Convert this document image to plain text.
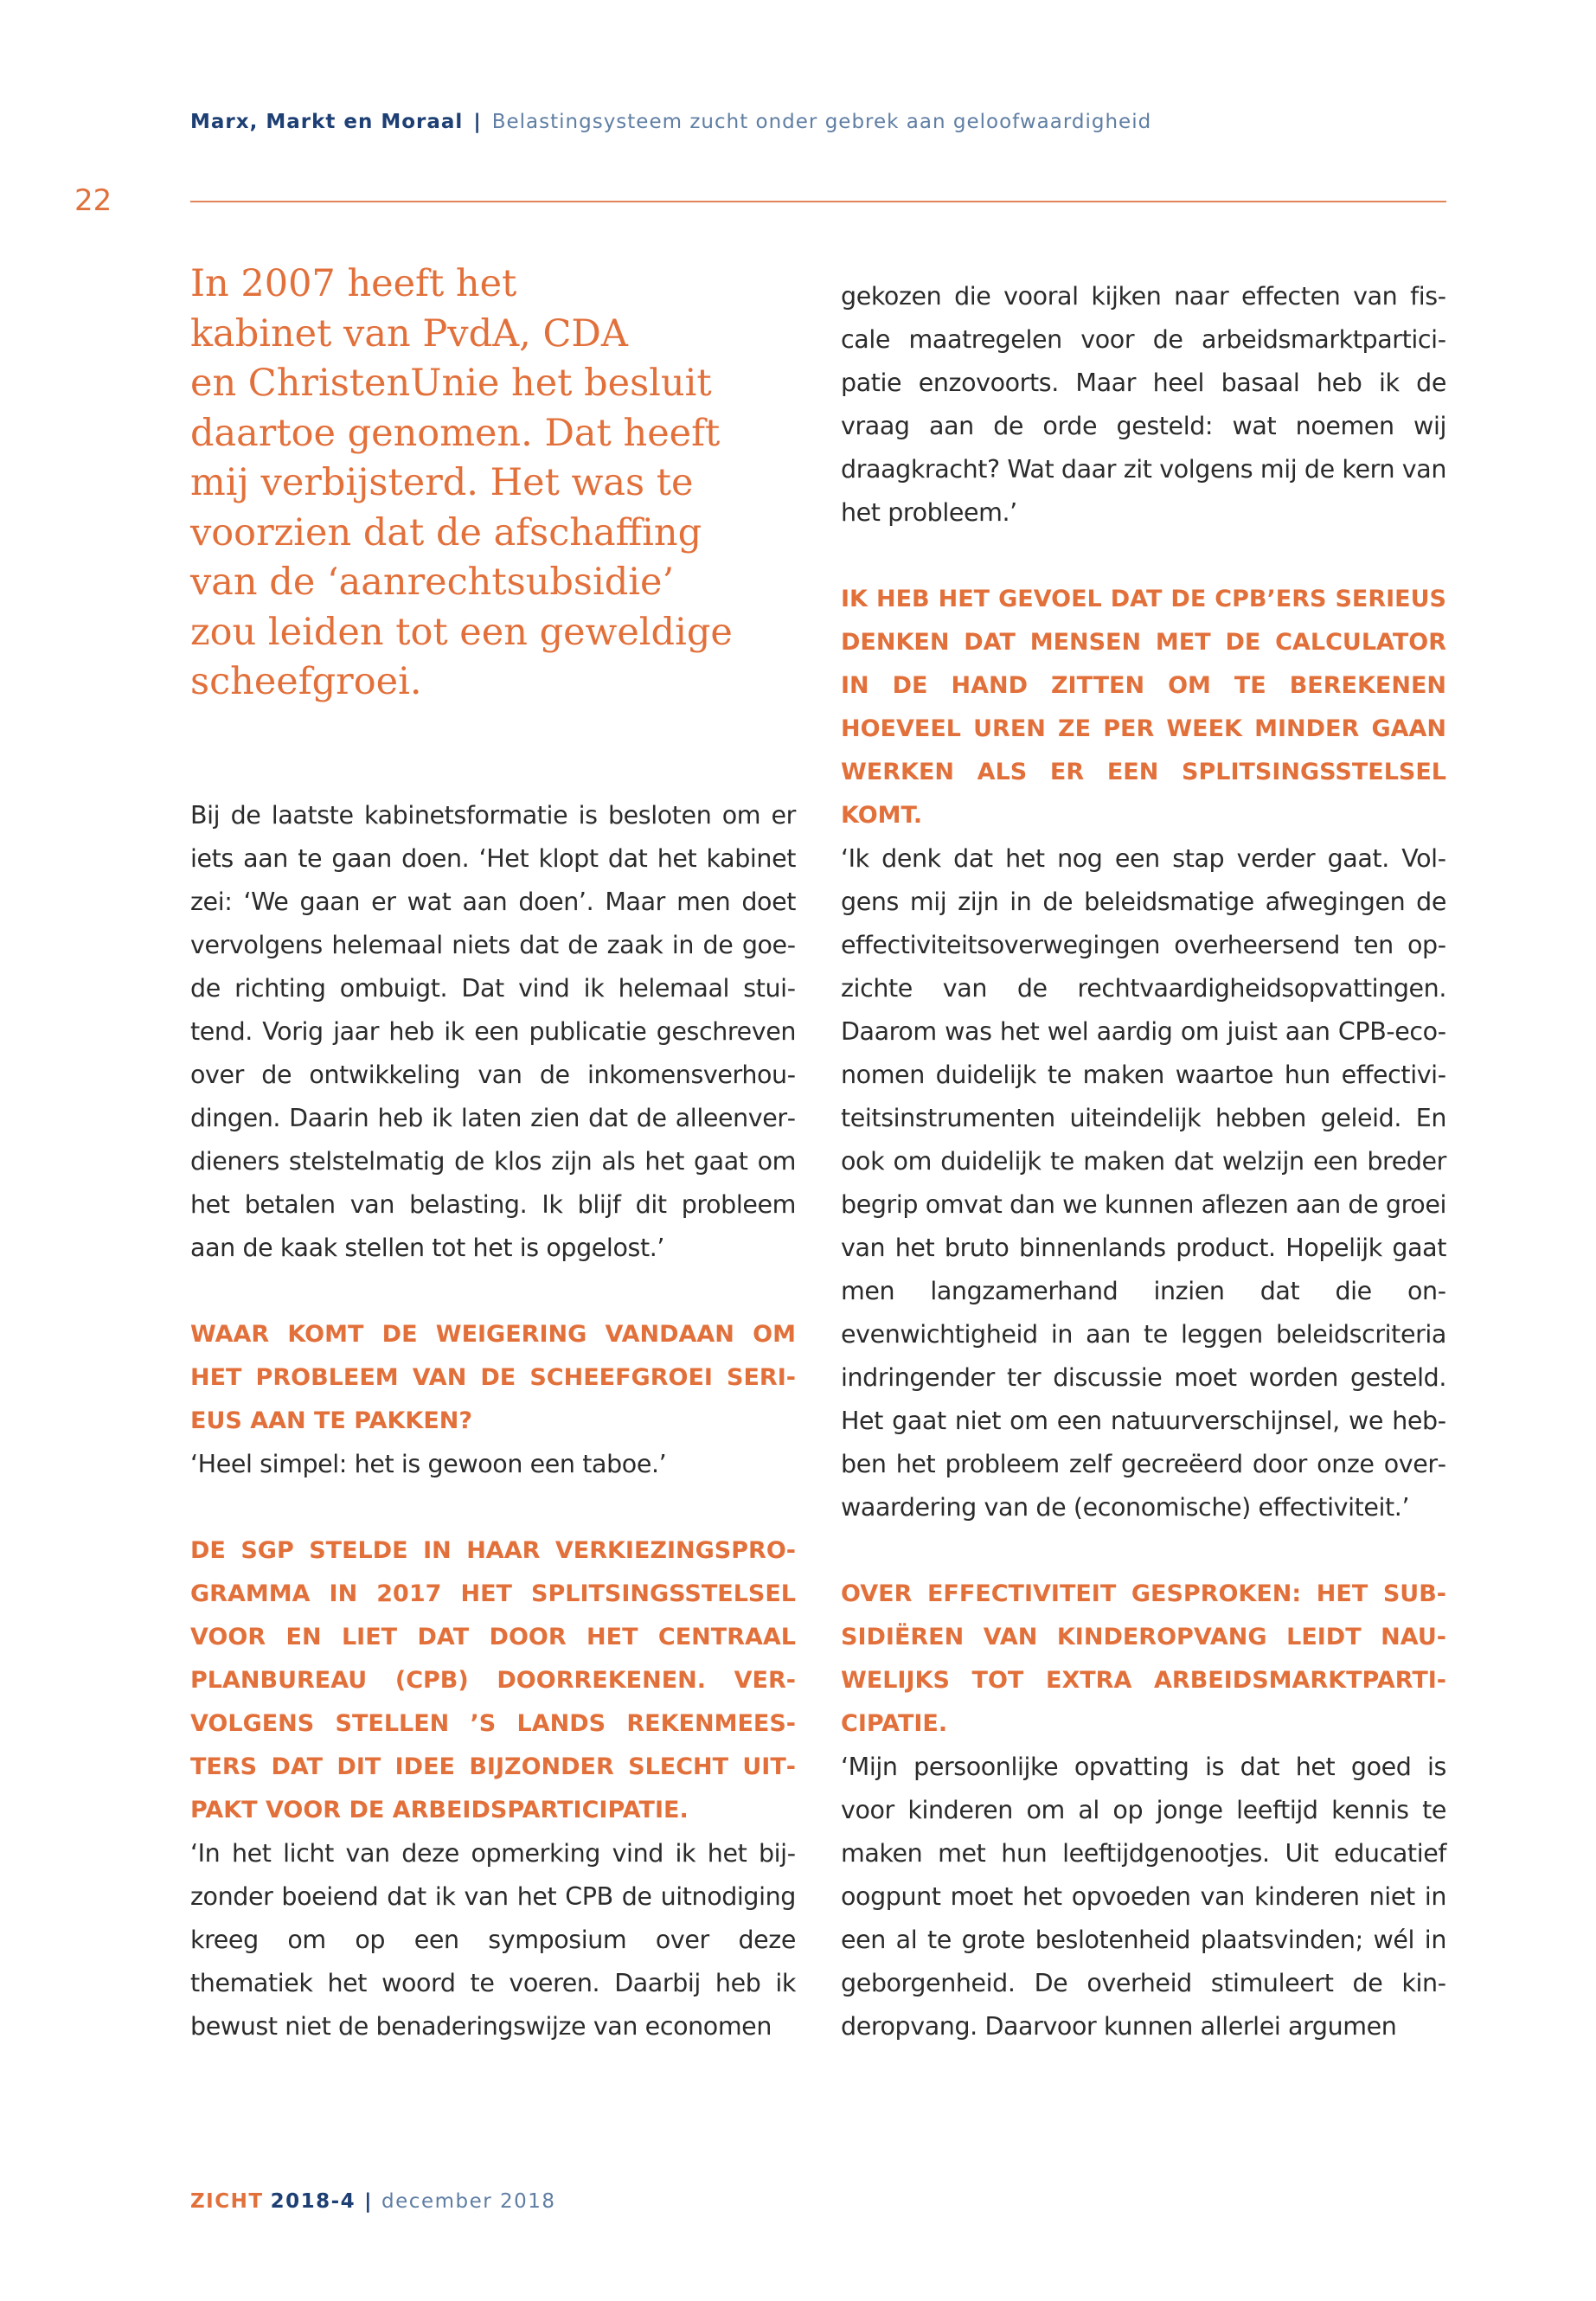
Marx, Markt en Moraal | Belastingsysteem zucht onder gebrek aan geloofwaardigheid
22
In 2007 heeft het
kabinet van PvdA, CDA
en ChristenUnie het besluit
daartoe genomen. Dat heeft
mij verbijsterd. Het was te
voorzien dat de afschaffing
van de ‘aanrechtsubsidie’
zou leiden tot een geweldige
scheefgroei.

Bij de laatste kabinetsformatie is besloten om er iets aan te gaan doen. ‘Het klopt dat het kabinet zei: ‘We gaan er wat aan doen’. Maar men doet vervolgens helemaal niets dat de zaak in de goede richting ombuigt. Dat vind ik helemaal stuitend. Vorig jaar heb ik een publicatie geschreven over de ontwikkeling van de inkomensverhoudingen. Daarin heb ik laten zien dat de alleenverdieners stelstelmatig de klos zijn als het gaat om het betalen van belasting. Ik blijf dit probleem aan de kaak stellen tot het is opgelost.’

WAAR KOMT DE WEIGERING VANDAAN OM HET PROBLEEM VAN DE SCHEEFGROEI SERIEUS AAN TE PAKKEN?

‘Heel simpel: het is gewoon een taboe.’

DE SGP STELDE IN HAAR VERKIEZINGSPROGRAMMA IN 2017 HET SPLITSINGSSTELSEL VOOR EN LIET DAT DOOR HET CENTRAAL PLANBUREAU (CPB) DOORREKENEN. VERVOLGENS STELLEN ’S LANDS REKENMEESTERS DAT DIT IDEE BIJZONDER SLECHT UITPAKT VOOR DE ARBEIDSPARTICIPATIE.

‘In het licht van deze opmerking vind ik het bijzonder boeiend dat ik van het CPB de uitnodiging kreeg om op een symposium over deze thematiek het woord te voeren. Daarbij heb ik bewust niet de benaderingswijze van economen

gekozen die vooral kijken naar effecten van fiscale maatregelen voor de arbeidsmarktparticipatie enzovoorts. Maar heel basaal heb ik de vraag aan de orde gesteld: wat noemen wij draagkracht? Wat daar zit volgens mij de kern van het probleem.’

IK HEB HET GEVOEL DAT DE CPB’ERS SERIEUS DENKEN DAT MENSEN MET DE CALCULATOR IN DE HAND ZITTEN OM TE BEREKENEN HOEVEEL UREN ZE PER WEEK MINDER GAAN WERKEN ALS ER EEN SPLITSINGSSTELSEL KOMT.

‘Ik denk dat het nog een stap verder gaat. Volgens mij zijn in de beleidsmatige afwegingen de effectiviteitsoverwegingen overheersend ten opzichte van de rechtvaardigheidsopvattingen. Daarom was het wel aardig om juist aan CPB-economen duidelijk te maken waartoe hun effectiviteitsinstrumenten uiteindelijk hebben geleid. En ook om duidelijk te maken dat welzijn een breder begrip omvat dan we kunnen aflezen aan de groei van het bruto binnenlands product. Hopelijk gaat men langzamerhand inzien dat die onevenwichtigheid in aan te leggen beleidscriteria indringender ter discussie moet worden gesteld. Het gaat niet om een natuurverschijnsel, we hebben het probleem zelf gecreëerd door onze overwaardering van de (economische) effectiviteit.’

OVER EFFECTIVITEIT GESPROKEN: HET SUBSIDIËREN VAN KINDEROPVANG LEIDT NAUWELIJKS TOT EXTRA ARBEIDSMARKTPARTICIPATIE.

‘Mijn persoonlijke opvatting is dat het goed is voor kinderen om al op jonge leeftijd kennis te maken met hun leeftijdgenootjes. Uit educatief oogpunt moet het opvoeden van kinderen niet in een al te grote beslotenheid plaatsvinden; wél in geborgenheid. De overheid stimuleert de kinderopvang. Daarvoor kunnen allerlei argumen

ZICHT 2018-4 | december 2018
